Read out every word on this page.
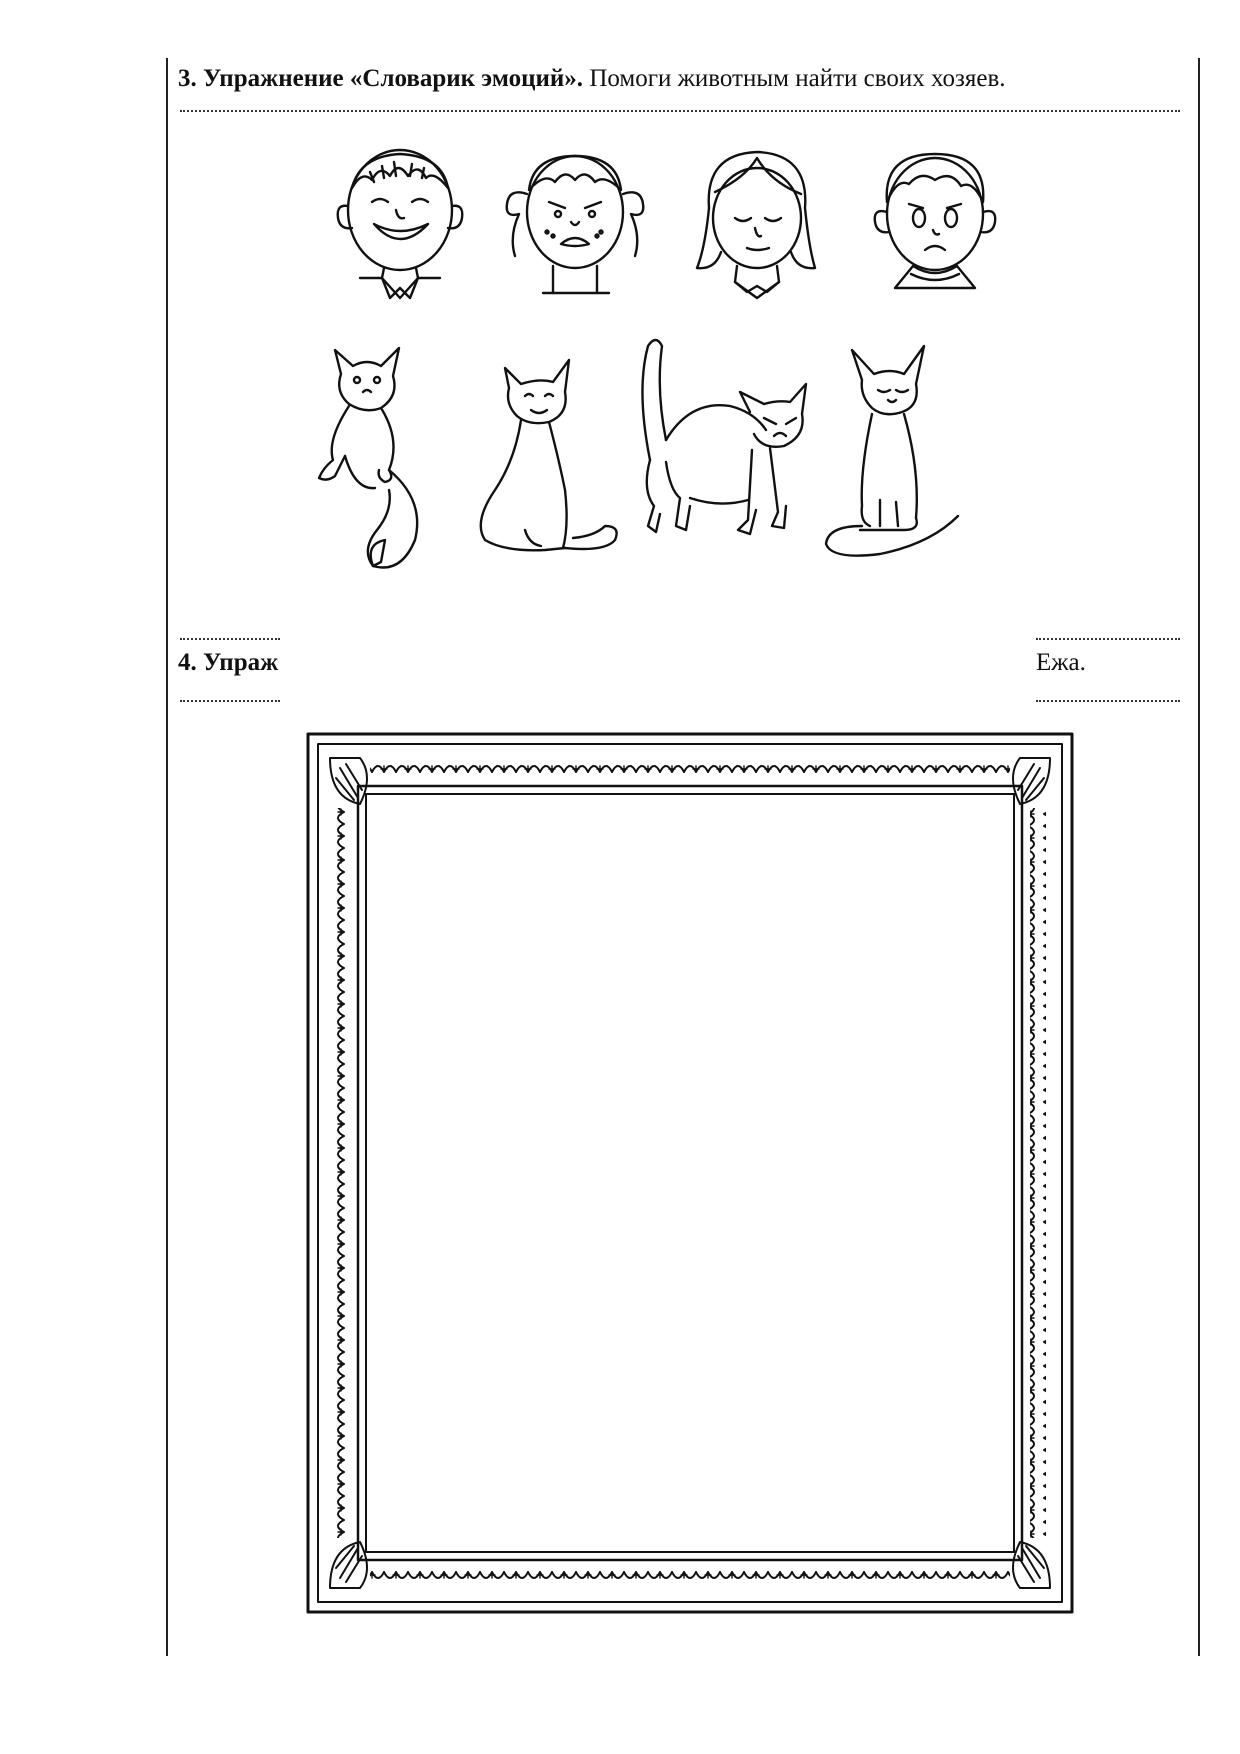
3. Упражнение «Словарик эмоций». Помоги животным найти своих хозяев.
4. Упраж	Ежа.
